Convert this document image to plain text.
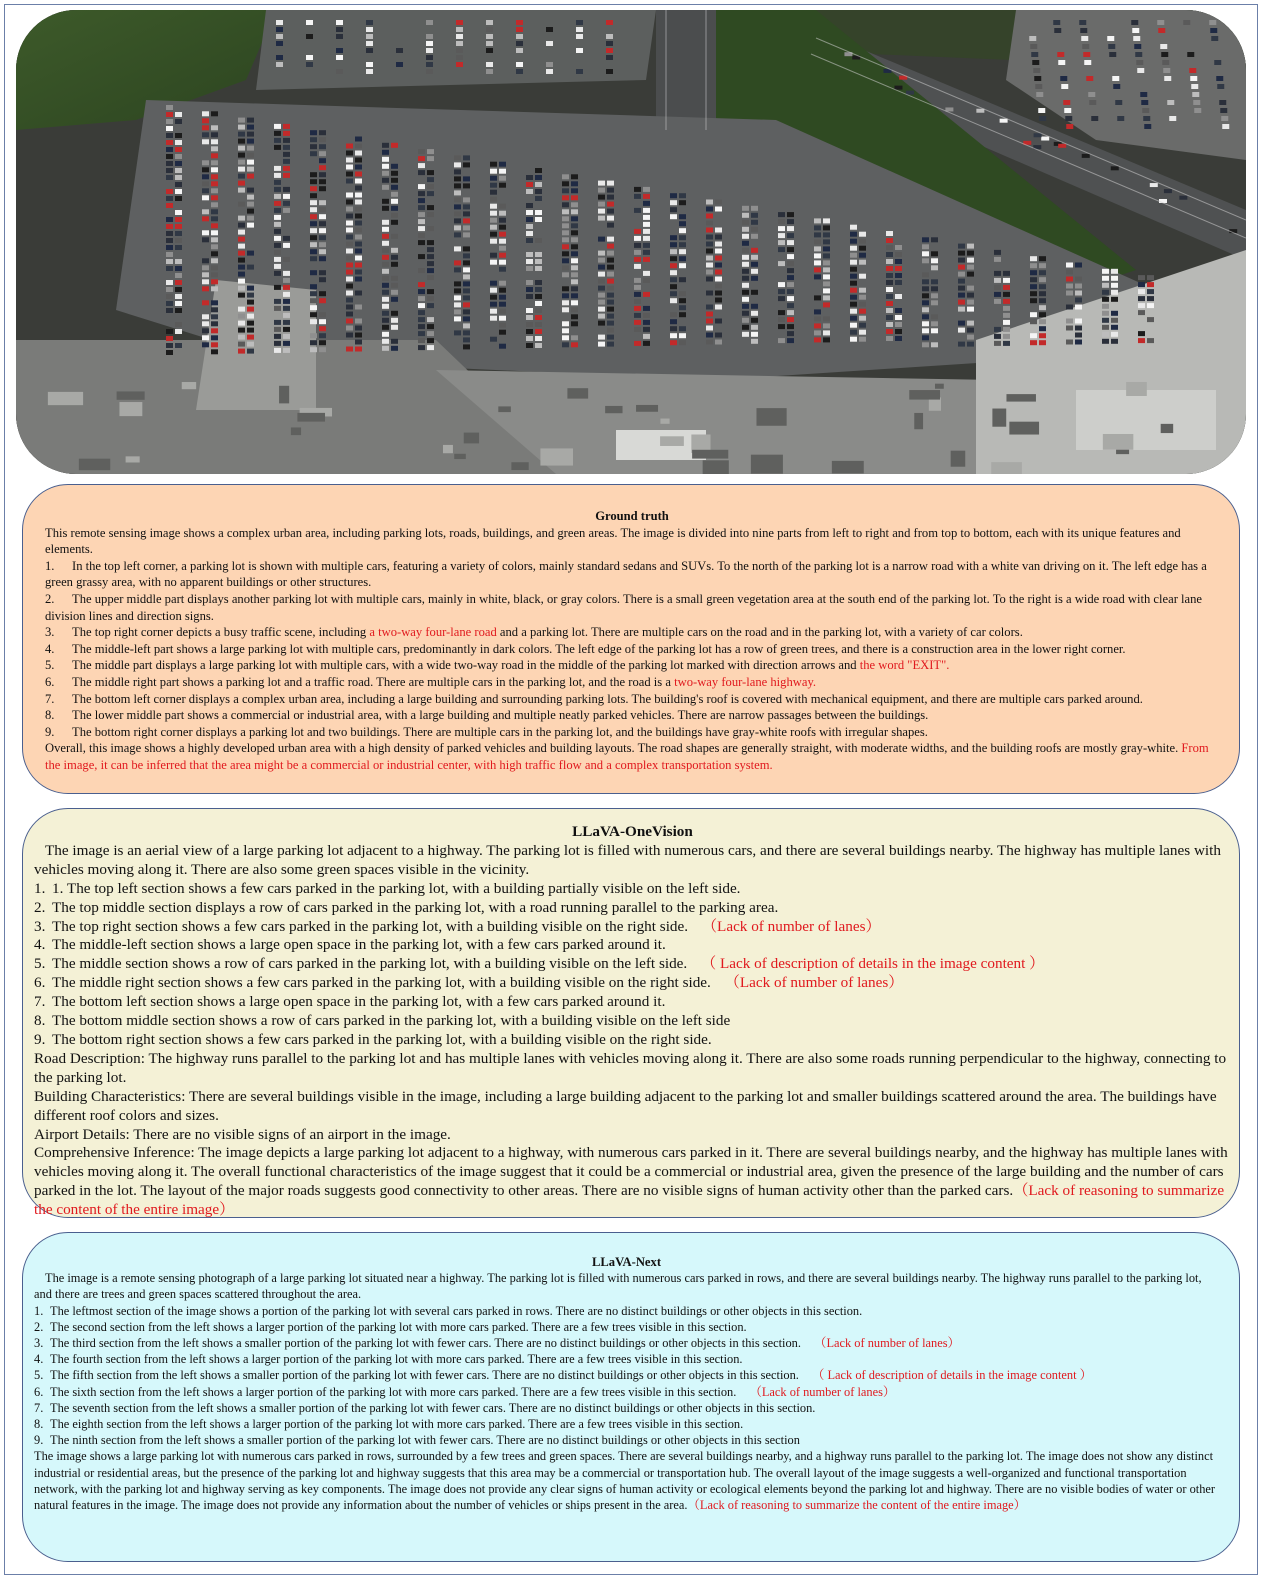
Ground truth

This remote sensing image shows a complex urban area, including parking lots, roads, buildings, and green areas. The image is divided into nine parts from left to right and from top to bottom, each with its unique features and elements.

1. In the top left corner, a parking lot is shown with multiple cars, featuring a variety of colors, mainly standard sedans and SUVs. To the north of the parking lot is a narrow road with a white van driving on it. The left edge has a green grassy area, with no apparent buildings or other structures.

2. The upper middle part displays another parking lot with multiple cars, mainly in white, black, or gray colors. There is a small green vegetation area at the south end of the parking lot. To the right is a wide road with clear lane division lines and direction signs.

3. The top right corner depicts a busy traffic scene, including a two-way four-lane road and a parking lot. There are multiple cars on the road and in the parking lot, with a variety of car colors.

4. The middle-left part shows a large parking lot with multiple cars, predominantly in dark colors. The left edge of the parking lot has a row of green trees, and there is a construction area in the lower right corner.

5. The middle part displays a large parking lot with multiple cars, with a wide two-way road in the middle of the parking lot marked with direction arrows and the word "EXIT".

6. The middle right part shows a parking lot and a traffic road. There are multiple cars in the parking lot, and the road is a two-way four-lane highway.

7. The bottom left corner displays a complex urban area, including a large building and surrounding parking lots. The building's roof is covered with mechanical equipment, and there are multiple cars parked around.

8. The lower middle part shows a commercial or industrial area, with a large building and multiple neatly parked vehicles. There are narrow passages between the buildings.

9. The bottom right corner displays a parking lot and two buildings. There are multiple cars in the parking lot, and the buildings have gray-white roofs with irregular shapes.

Overall, this image shows a highly developed urban area with a high density of parked vehicles and building layouts. The road shapes are generally straight, with moderate widths, and the building roofs are mostly gray-white. From the image, it can be inferred that the area might be a commercial or industrial center, with high traffic flow and a complex transportation system.

LLaVA-OneVision

The image is an aerial view of a large parking lot adjacent to a highway. The parking lot is filled with numerous cars, and there are several buildings nearby. The highway has multiple lanes with vehicles moving along it. There are also some green spaces visible in the vicinity.

1. 1. The top left section shows a few cars parked in the parking lot, with a building partially visible on the left side.

2. The top middle section displays a row of cars parked in the parking lot, with a road running parallel to the parking area.

3. The top right section shows a few cars parked in the parking lot, with a building visible on the right side. （Lack of number of lanes）

4. The middle-left section shows a large open space in the parking lot, with a few cars parked around it.

5. The middle section shows a row of cars parked in the parking lot, with a building visible on the left side. （ Lack of description of details in the image content ）

6. The middle right section shows a few cars parked in the parking lot, with a building visible on the right side. （Lack of number of lanes）

7. The bottom left section shows a large open space in the parking lot, with a few cars parked around it.

8. The bottom middle section shows a row of cars parked in the parking lot, with a building visible on the left side

9. The bottom right section shows a few cars parked in the parking lot, with a building visible on the right side.

Road Description: The highway runs parallel to the parking lot and has multiple lanes with vehicles moving along it. There are also some roads running perpendicular to the highway, connecting to the parking lot.

Building Characteristics: There are several buildings visible in the image, including a large building adjacent to the parking lot and smaller buildings scattered around the area. The buildings have different roof colors and sizes.

Airport Details: There are no visible signs of an airport in the image.

Comprehensive Inference: The image depicts a large parking lot adjacent to a highway, with numerous cars parked in it. There are several buildings nearby, and the highway has multiple lanes with vehicles moving along it. The overall functional characteristics of the image suggest that it could be a commercial or industrial area, given the presence of the large building and the number of cars parked in the lot. The layout of the major roads suggests good connectivity to other areas. There are no visible signs of human activity other than the parked cars.（Lack of reasoning to summarize the content of the entire image）

LLaVA-Next

The image is a remote sensing photograph of a large parking lot situated near a highway. The parking lot is filled with numerous cars parked in rows, and there are several buildings nearby. The highway runs parallel to the parking lot, and there are trees and green spaces scattered throughout the area.

1. The leftmost section of the image shows a portion of the parking lot with several cars parked in rows. There are no distinct buildings or other objects in this section.

2. The second section from the left shows a larger portion of the parking lot with more cars parked. There are a few trees visible in this section.

3. The third section from the left shows a smaller portion of the parking lot with fewer cars. There are no distinct buildings or other objects in this section. （Lack of number of lanes）

4. The fourth section from the left shows a larger portion of the parking lot with more cars parked. There are a few trees visible in this section.

5. The fifth section from the left shows a smaller portion of the parking lot with fewer cars. There are no distinct buildings or other objects in this section. （ Lack of description of details in the image content ）

6. The sixth section from the left shows a larger portion of the parking lot with more cars parked. There are a few trees visible in this section. （Lack of number of lanes）

7. The seventh section from the left shows a smaller portion of the parking lot with fewer cars. There are no distinct buildings or other objects in this section.

8. The eighth section from the left shows a larger portion of the parking lot with more cars parked. There are a few trees visible in this section.

9. The ninth section from the left shows a smaller portion of the parking lot with fewer cars. There are no distinct buildings or other objects in this section

The image shows a large parking lot with numerous cars parked in rows, surrounded by a few trees and green spaces. There are several buildings nearby, and a highway runs parallel to the parking lot. The image does not show any distinct industrial or residential areas, but the presence of the parking lot and highway suggests that this area may be a commercial or transportation hub. The overall layout of the image suggests a well-organized and functional transportation network, with the parking lot and highway serving as key components. The image does not provide any clear signs of human activity or ecological elements beyond the parking lot and highway. There are no visible bodies of water or other natural features in the image. The image does not provide any information about the number of vehicles or ships present in the area.（Lack of reasoning to summarize the content of the entire image）
